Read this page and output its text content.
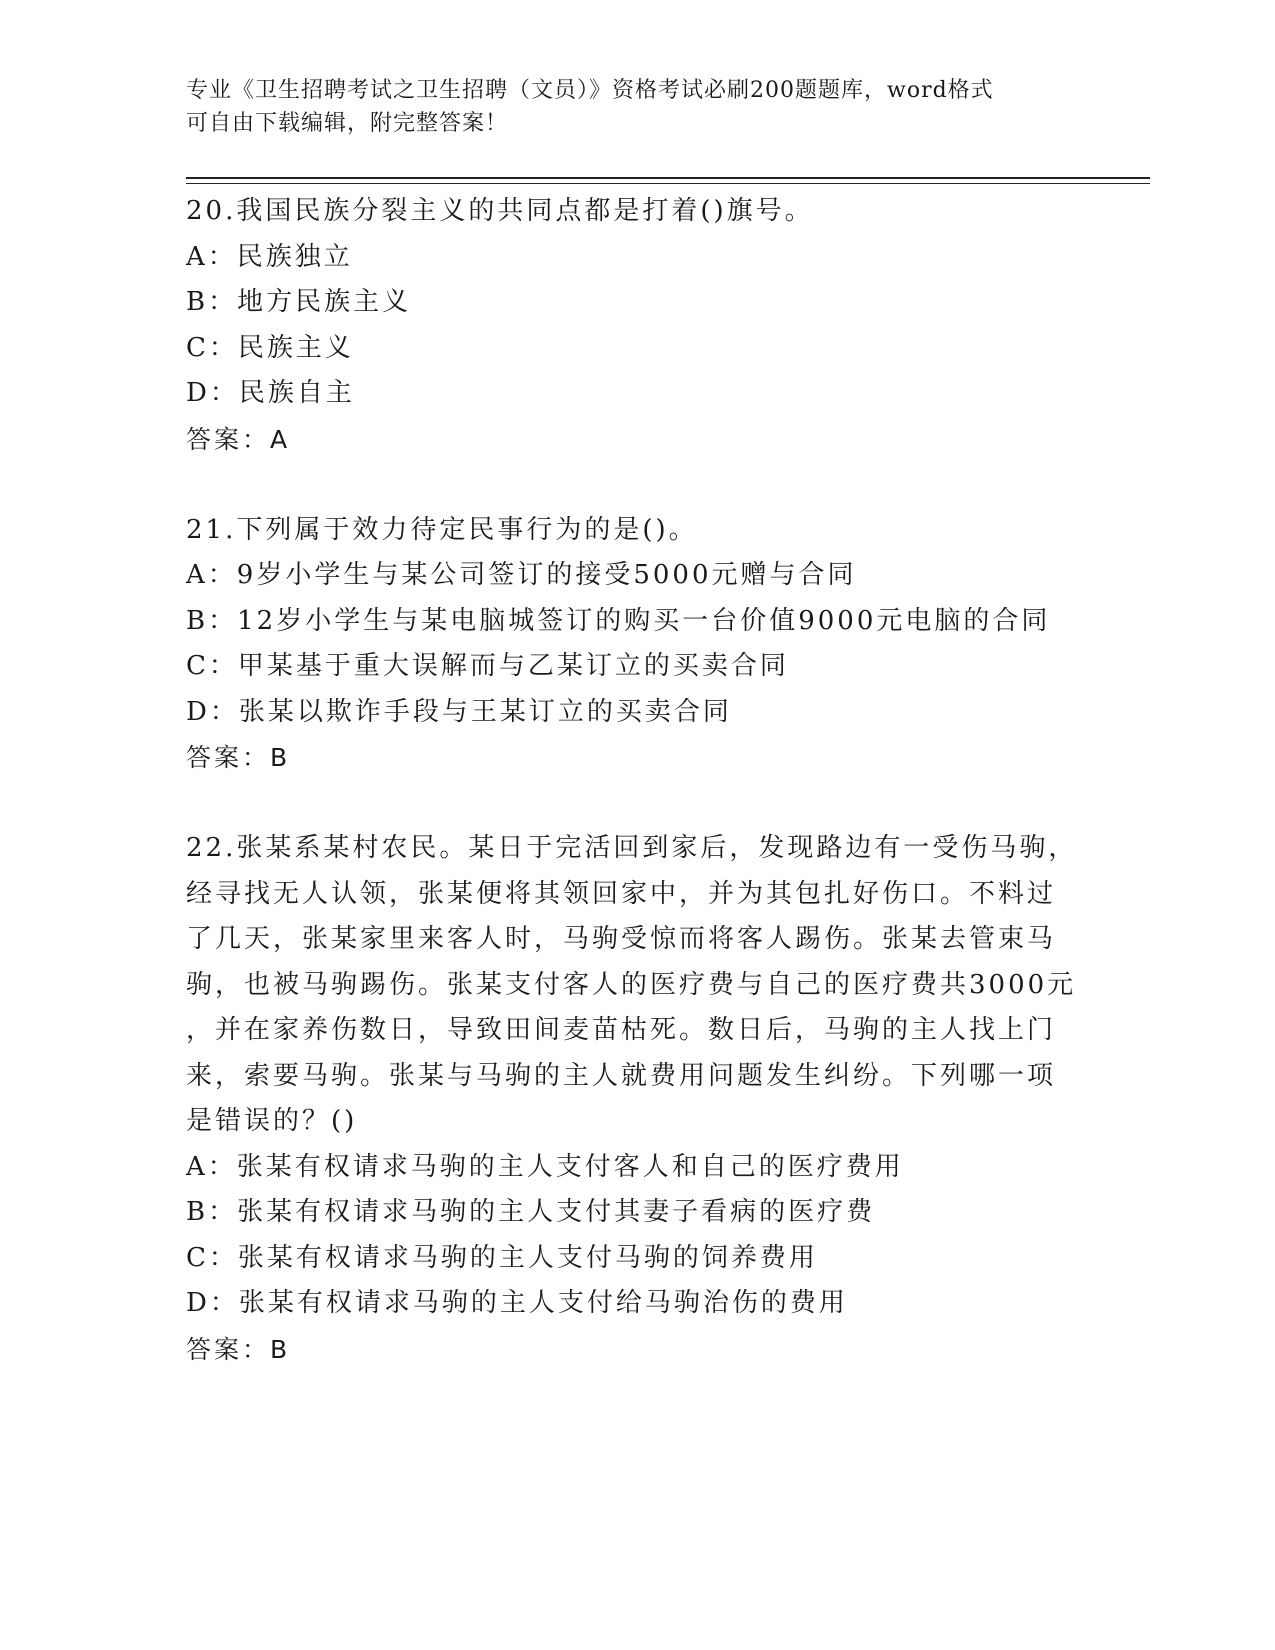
专业《卫生招聘考试之卫生招聘（文员）》资格考试必刷200题题库，word格式
可自由下载编辑，附完整答案！
20.我国民族分裂主义的共同点都是打着()旗号。
A：民族独立
B：地方民族主义
C：民族主义
D：民族自主
答案：A
21.下列属于效力待定民事行为的是()。
A：9岁小学生与某公司签订的接受5000元赠与合同
B：12岁小学生与某电脑城签订的购买一台价值9000元电脑的合同
C：甲某基于重大误解而与乙某订立的买卖合同
D：张某以欺诈手段与王某订立的买卖合同
答案：B
22.张某系某村农民。某日于完活回到家后，发现路边有一受伤马驹，
经寻找无人认领，张某便将其领回家中，并为其包扎好伤口。不料过
了几天，张某家里来客人时，马驹受惊而将客人踢伤。张某去管束马
驹，也被马驹踢伤。张某支付客人的医疗费与自己的医疗费共3000元
，并在家养伤数日，导致田间麦苗枯死。数日后，马驹的主人找上门
来，索要马驹。张某与马驹的主人就费用问题发生纠纷。下列哪一项
是错误的？()
A：张某有权请求马驹的主人支付客人和自己的医疗费用
B：张某有权请求马驹的主人支付其妻子看病的医疗费
C：张某有权请求马驹的主人支付马驹的饲养费用
D：张某有权请求马驹的主人支付给马驹治伤的费用
答案：B
